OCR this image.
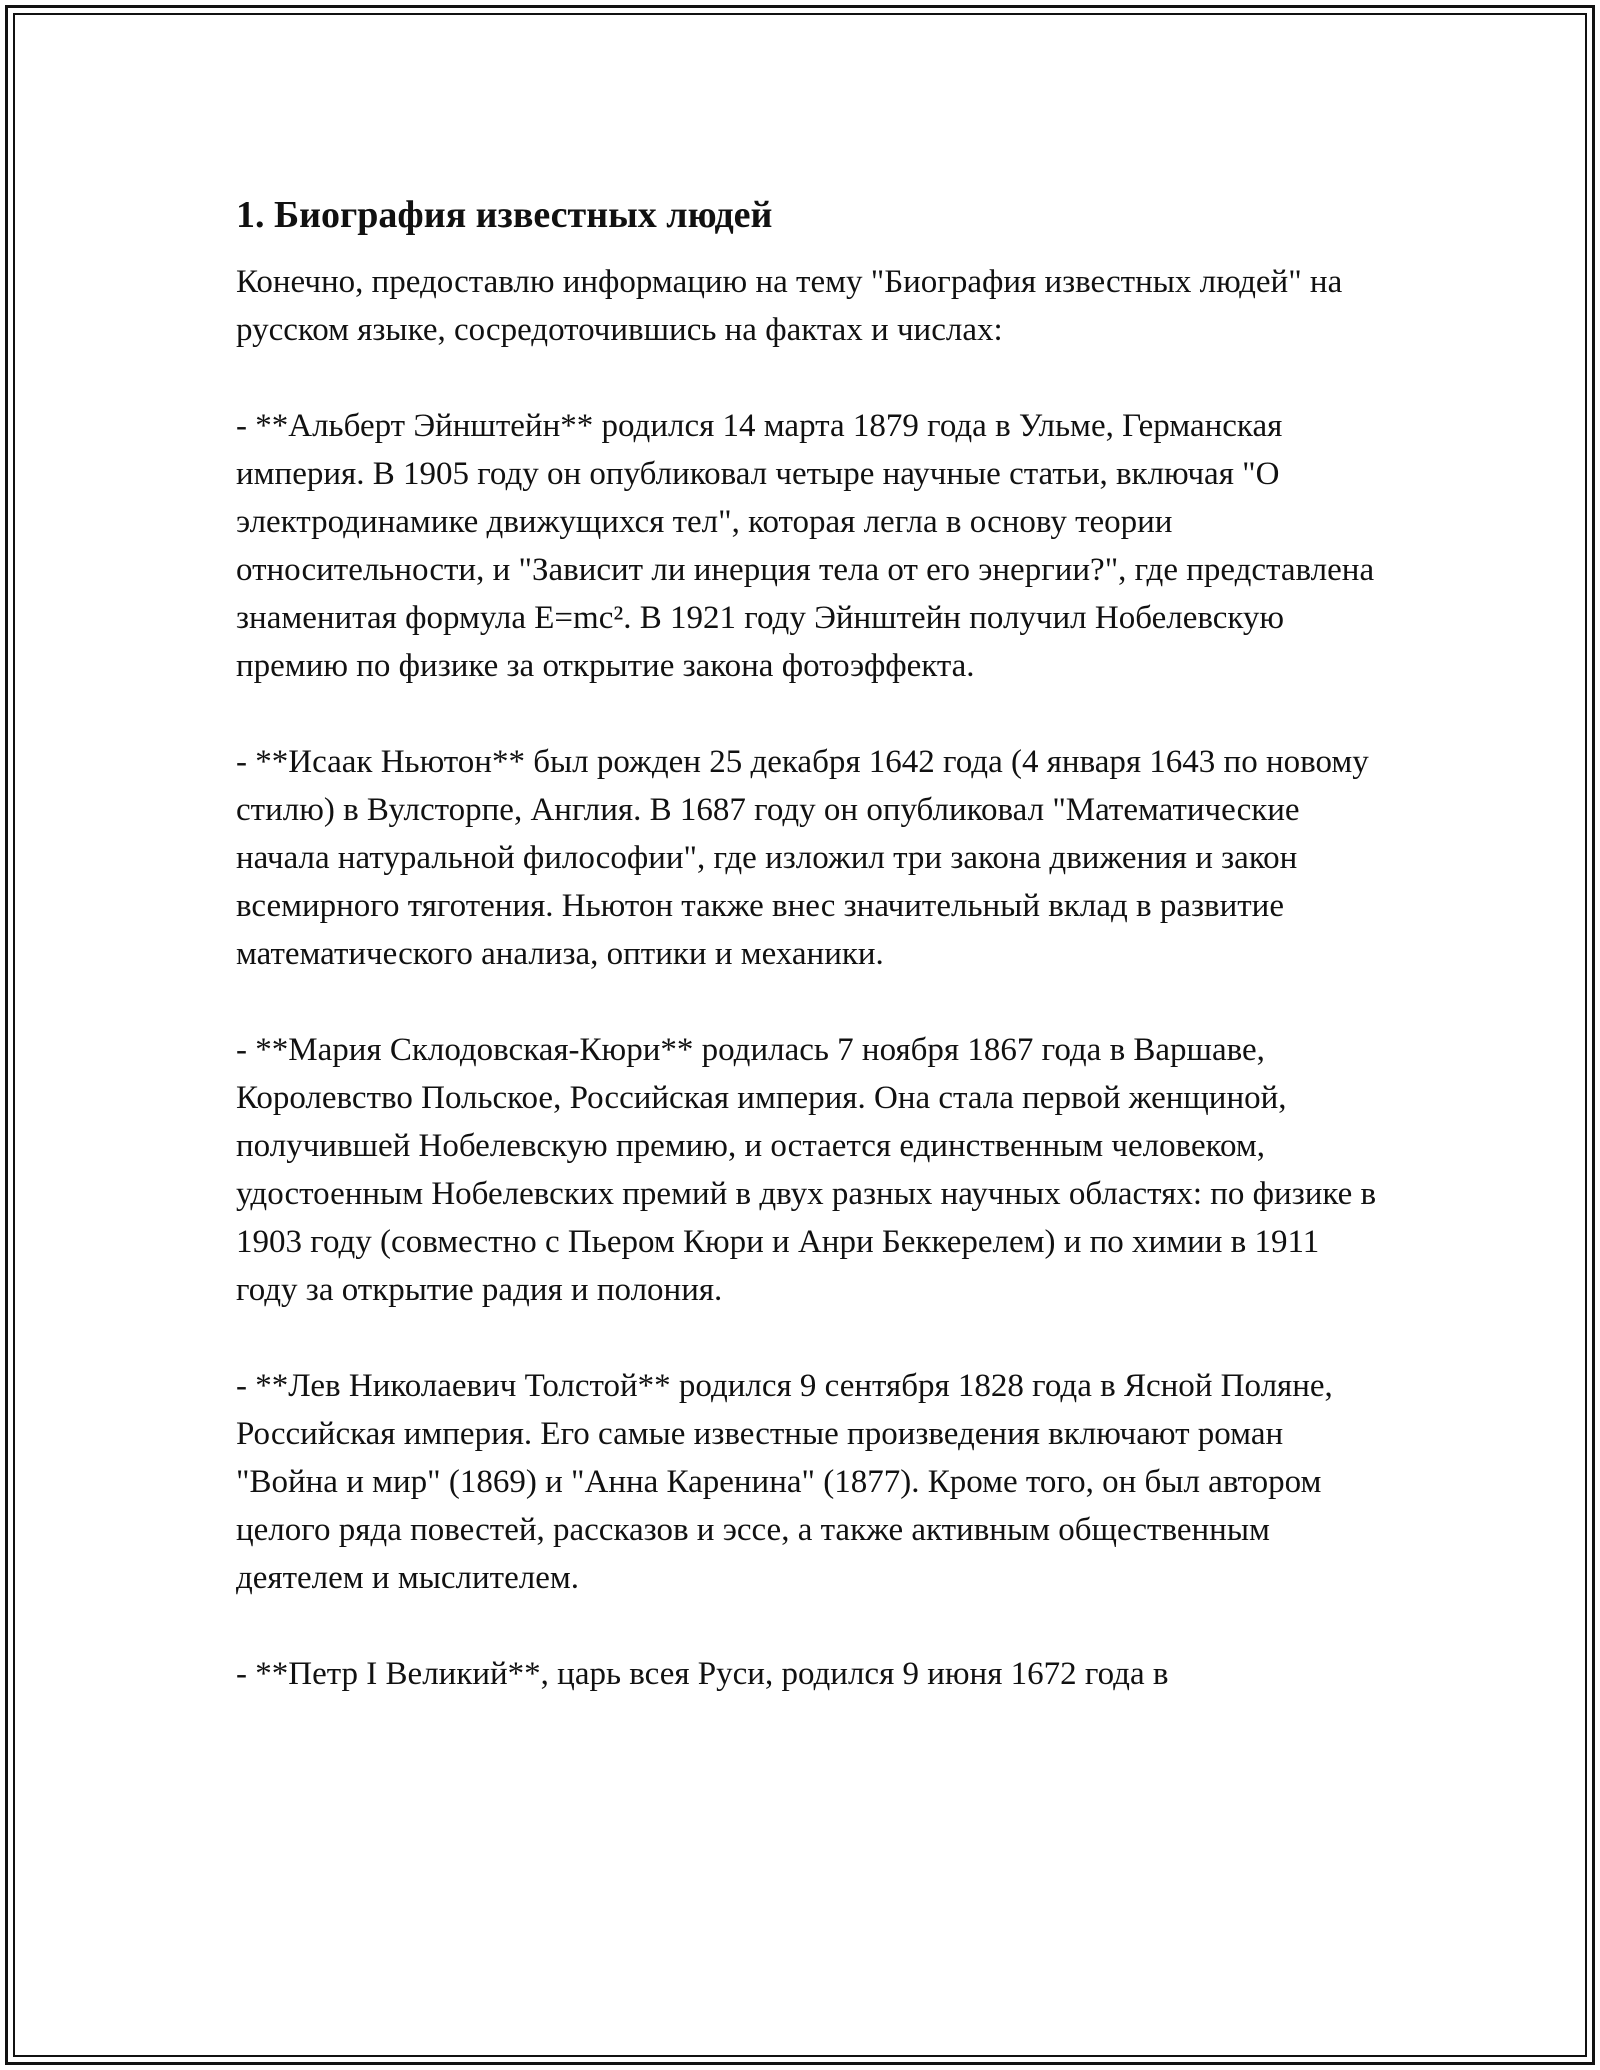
1. Биография известных людей

Конечно, предоставлю информацию на тему "Биография известных людей" на русском языке, сосредоточившись на фактах и числах:

- **Альберт Эйнштейн** родился 14 марта 1879 года в Ульме, Германская империя. В 1905 году он опубликовал четыре научные статьи, включая "О электродинамике движущихся тел", которая легла в основу теории относительности, и "Зависит ли инерция тела от его энергии?", где представлена знаменитая формула E=mc². В 1921 году Эйнштейн получил Нобелевскую премию по физике за открытие закона фотоэффекта.

- **Исаак Ньютон** был рожден 25 декабря 1642 года (4 января 1643 по новому стилю) в Вулсторпе, Англия. В 1687 году он опубликовал "Математические начала натуральной философии", где изложил три закона движения и закон всемирного тяготения. Ньютон также внес значительный вклад в развитие математического анализа, оптики и механики.

- **Мария Склодовская-Кюри** родилась 7 ноября 1867 года в Варшаве, Королевство Польское, Российская империя. Она стала первой женщиной, получившей Нобелевскую премию, и остается единственным человеком, удостоенным Нобелевских премий в двух разных научных областях: по физике в 1903 году (совместно с Пьером Кюри и Анри Беккерелем) и по химии в 1911 году за открытие радия и полония.

- **Лев Николаевич Толстой** родился 9 сентября 1828 года в Ясной Поляне, Российская империя. Его самые известные произведения включают роман "Война и мир" (1869) и "Анна Каренина" (1877). Кроме того, он был автором целого ряда повестей, рассказов и эссе, а также активным общественным деятелем и мыслителем.

- **Петр I Великий**, царь всея Руси, родился 9 июня 1672 года в
